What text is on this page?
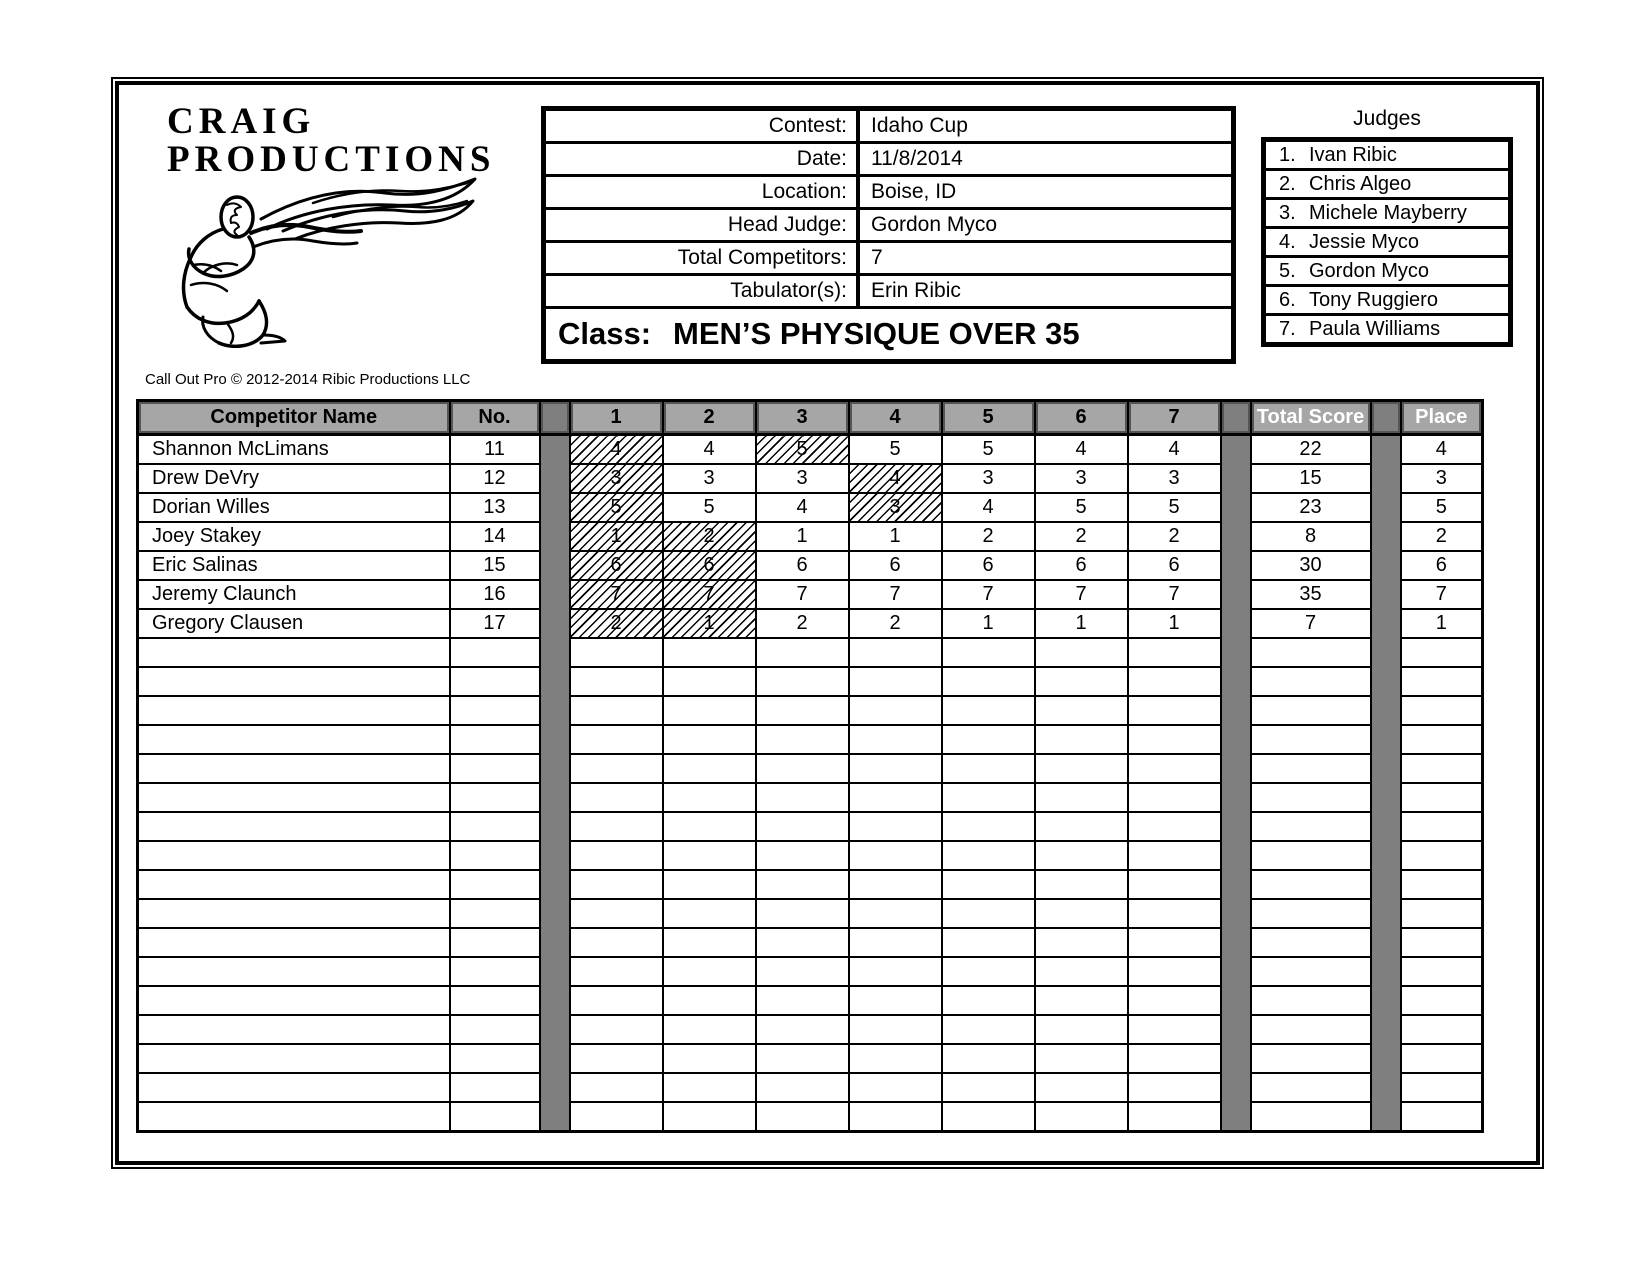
CRAIG
PRODUCTIONS
Call Out Pro © 2012-2014 Ribic Productions LLC
Contest:	Idaho Cup
Date:	11/8/2014
Location:	Boise, ID
Head Judge:	Gordon Myco
Total Competitors:	7
Tabulator(s):	Erin Ribic
Class: MEN’S PHYSIQUE OVER 35
Judges
1. Ivan Ribic
2. Chris Algeo
3. Michele Mayberry
4. Jessie Myco
5. Gordon Myco
6. Tony Ruggiero
7. Paula Williams
Competitor Name	No.		1	2	3	4	5	6	7		Total Score		Place
Shannon McLimans	11		4	4	5	5	5	4	4		22		4
Drew DeVry	12		3	3	3	4	3	3	3		15		3
Dorian Willes	13		5	5	4	3	4	5	5		23		5
Joey Stakey	14		1	2	1	1	2	2	2		8		2
Eric Salinas	15		6	6	6	6	6	6	6		30		6
Jeremy Claunch	16		7	7	7	7	7	7	7		35		7
Gregory Clausen	17		2	1	2	2	1	1	1		7		1
